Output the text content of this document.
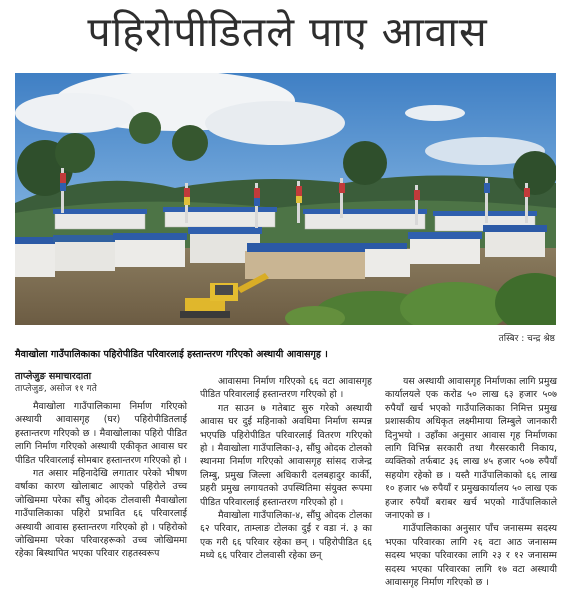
पहिरोपीडितले पाए आवास
तस्बिर : चन्द्र श्रेष्ठ
मैवाखोला गाउँपालिकाका पहिरोपीडित परिवारलाई हस्तान्तरण गरिएको अस्थायी आवासगृह ।

ताप्लेजुङ समाचारदाता

ताप्लेजुङ, असोज ११ गते

मैवाखोला गाउँपालिकामा निर्माण गरिएको अस्थायी आवासगृह (घर) पहिरोपीडितलाई हस्तान्तरण गरिएको छ । मैवाखोलाका पहिरो पीडित लागि निर्माण गरिएको अस्थायी एकीकृत आवास घर पीडित परिवारलाई सोमबार हस्तान्तरण गरिएको हो ।

गत असार महिनादेखि लगातार परेको भीषण वर्षाका कारण खोलाबाट आएको पहिरोले उच्च जोखिममा परेका सौंघु ओदक टोलवासी मैवाखोला गाउँपालिकाका पहिरो प्रभावित ६६ परिवारलाई अस्थायी आवास हस्तान्तरण गरिएको हो । पहिरोको जोखिममा परेका परिवारहरूको उच्च जोखिममा रहेका बिस्थापित भएका परिवार राहतस्वरूप

आवासमा निर्माण गरिएको ६६ वटा आवासगृह पीडित परिवारलाई हस्तान्तरण गरिएको हो ।

गत साउन ७ गतेबाट सुरु गरेको अस्थायी आवास घर दुई महिनाको अवधिमा निर्माण सम्पन्न भएपछि पहिरोपीडित परिवारलाई वितरण गरिएको हो । मैवाखोला गाउँपालिका-३, सौंघु ओदक टोलको स्थानमा निर्माण गरिएको आवासगृह सांसद राजेन्द्र लिम्बु, प्रमुख जिल्ला अधिकारी दलबहादुर कार्की, प्रहरी प्रमुख लगायतको उपस्थितिमा संयुक्त रूपमा पीडित परिवारलाई हस्तान्तरण गरिएको हो ।

मैवाखोला गाउँपालिका-४, सौंघु ओदक टोलका ६२ परिवार, ताम्लाङ टोलका दुई र वडा नं. ३ का एक गरी ६६ परिवार रहेका छन् । पहिरोपीडित ६६ मध्ये ६६ परिवार टोलवासी रहेका छन्

यस अस्थायी आवासगृह निर्माणका लागि प्रमुख कार्यालयले एक करोड ५० लाख ६३ हजार ५०७ रुपैयाँ खर्च भएको गाउँपालिकाका निमित्त प्रमुख प्रशासकीय अधिकृत लक्ष्मीमाया लिम्बुले जानकारी दिनुभयो । उहाँका अनुसार आवास गृह निर्माणका लागि विभिन्न सरकारी तथा गैरसरकारी निकाय, व्यक्तिको तर्फबाट ३६ लाख ४५ हजार ५०७ रुपैयाँ सहयोग रहेको छ । यस्तै गाउँपालिकाको ६६ लाख १० हजार ५७ रुपैयाँ र प्रमुखकार्यालय ५० लाख एक हजार रुपैयाँ बराबर खर्च भएको गाउँपालिकाले जनाएको छ ।

गाउँपालिकाका अनुसार पाँच जनासम्म सदस्य भएका परिवारका लागि २६ वटा आठ जनासम्म सदस्य भएका परिवारका लागि २३ र १२ जनासम्म सदस्य भएका परिवारका लागि १७ वटा अस्थायी आवासगृह निर्माण गरिएको छ ।
